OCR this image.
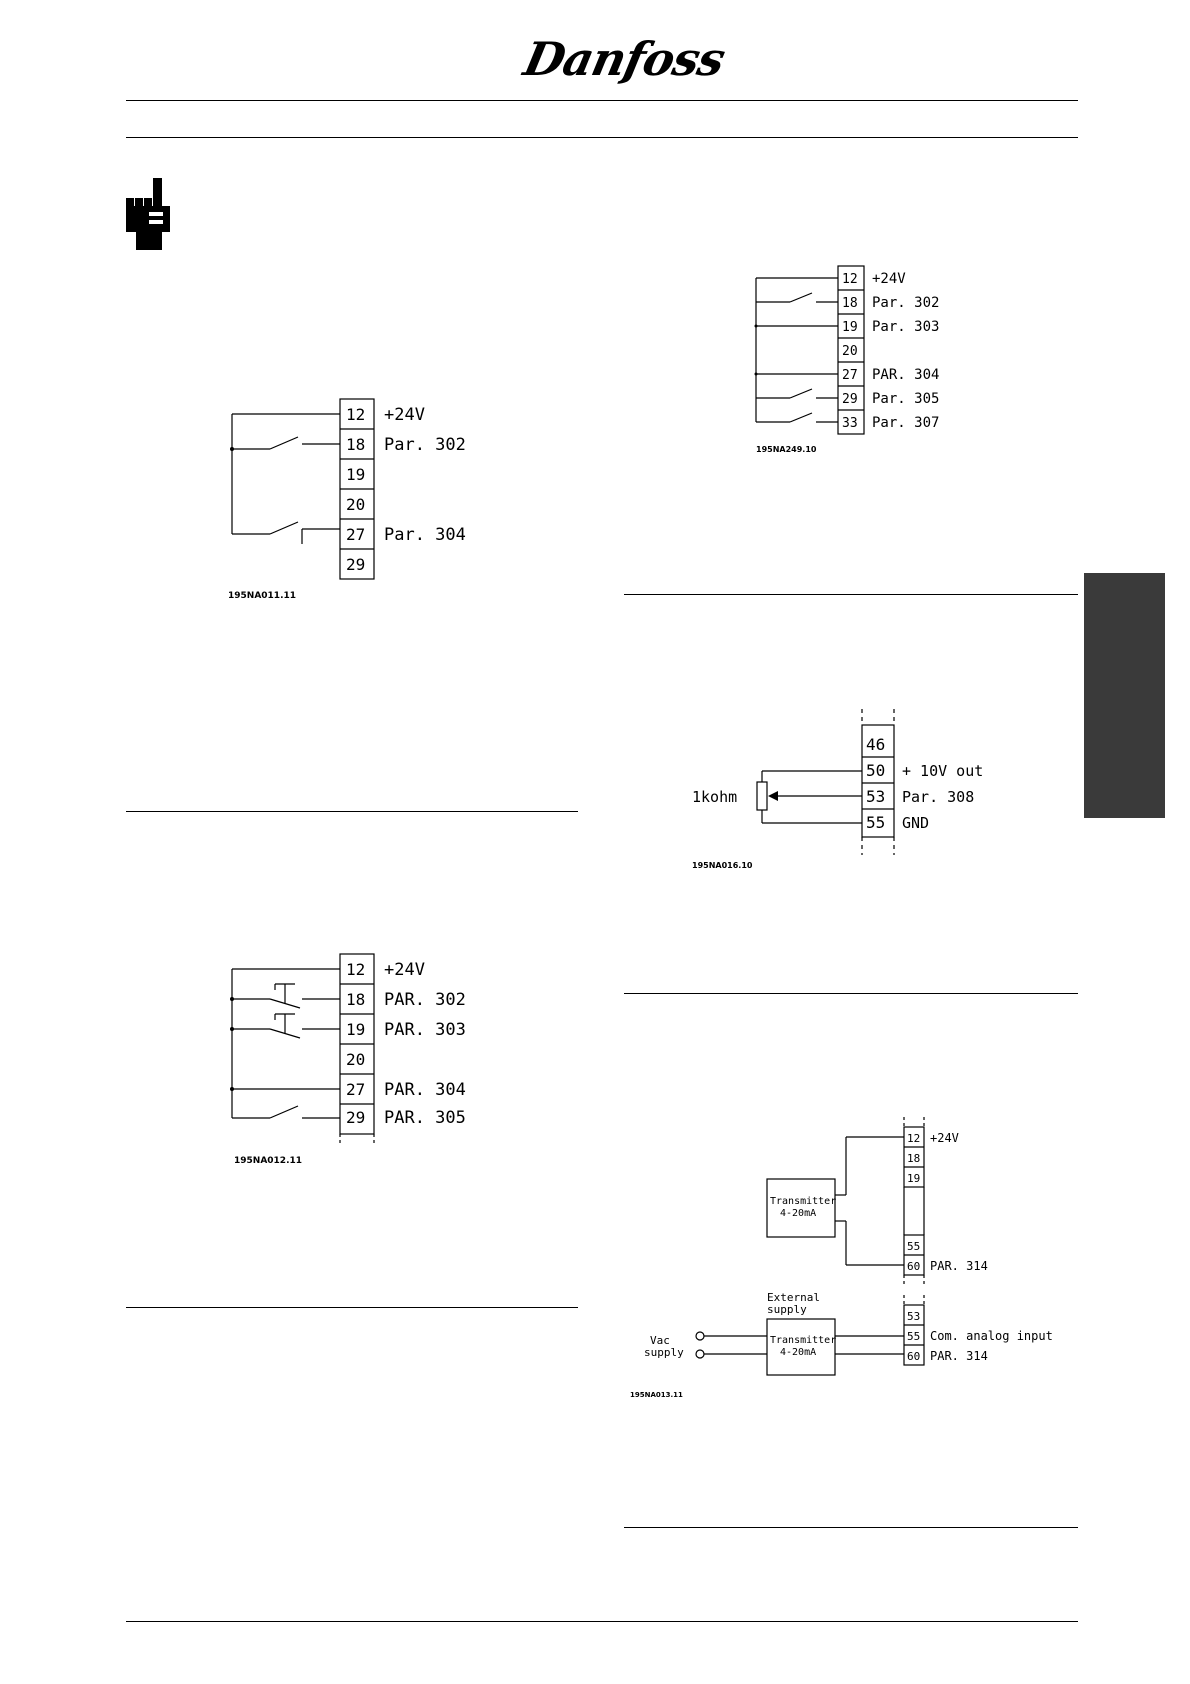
Danfoss
12
18
19
20
27
29
+24V
Par. 302
Par. 304
195NA011.11
12
18
19
20
27
29
+24V
PAR. 302
PAR. 303
PAR. 304
PAR. 305
195NA012.11
12
18
19
20
27
29
33
+24V
Par. 302
Par. 303
PAR. 304
Par. 305
Par. 307
195NA249.10
46
50
53
55
+ 10V out
Par. 308
GND
1kohm
195NA016.10
12
18
19
55
60
+24V
PAR. 314
Transmitter
4-20mA
53
55
60
Com. analog input
PAR. 314
External
supply
Vac
supply
Transmitter
4-20mA
195NA013.11
